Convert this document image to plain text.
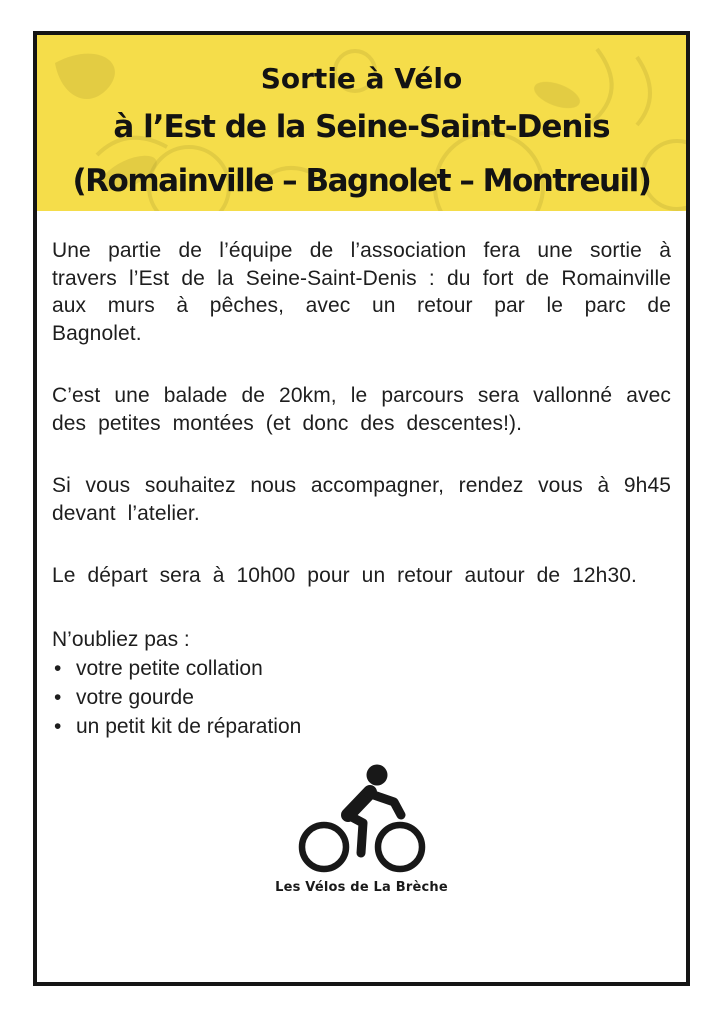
Sortie à Vélo
à l’Est de la Seine-Saint-Denis
(Romainville – Bagnolet – Montreuil)

Une partie de l’équipe de l’association fera une sortie à travers l’Est de la Seine-Saint-Denis : du fort de Romainville aux murs à pêches, avec un retour par le parc de Bagnolet.

C’est une balade de 20km, le parcours sera vallonné avec des petites montées (et donc des descentes!).

Si vous souhaitez nous accompagner, rendez vous à 9h45 devant l’atelier.

Le départ sera à 10h00 pour un retour autour de 12h30.

N’oubliez pas :
• votre petite collation
• votre gourde
• un petit kit de réparation
Les Vélos de La Brèche
